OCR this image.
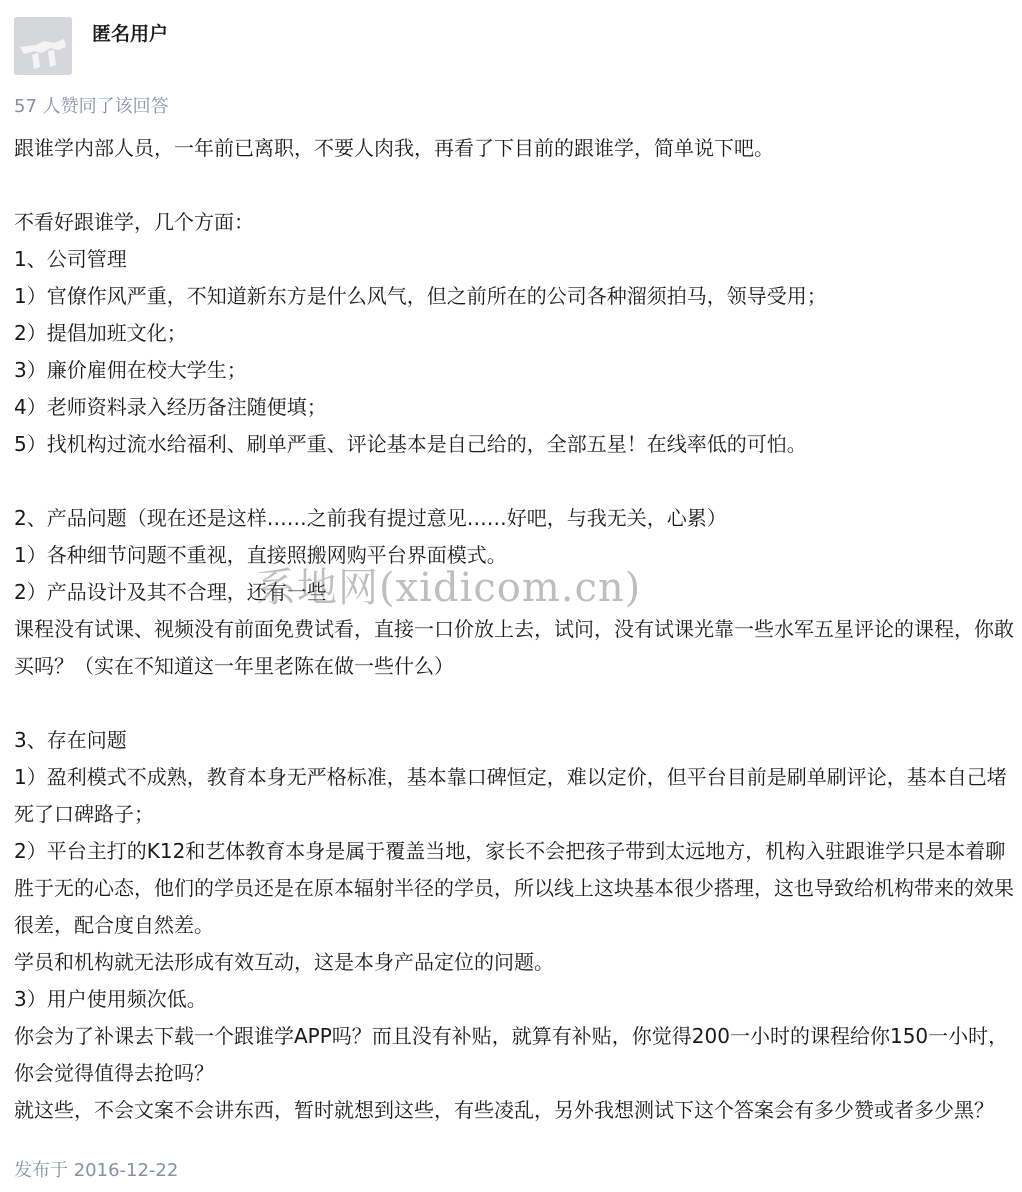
匿名用户
57 人赞同了该回答

跟谁学内部人员，一年前已离职，不要人肉我，再看了下目前的跟谁学，简单说下吧。

不看好跟谁学，几个方面：

1、公司管理

1）官僚作风严重，不知道新东方是什么风气，但之前所在的公司各种溜须拍马，领导受用；

2）提倡加班文化；

3）廉价雇佣在校大学生；

4）老师资料录入经历备注随便填；

5）找机构过流水给福利、刷单严重、评论基本是自己给的，全部五星！在线率低的可怕。

2、产品问题（现在还是这样……之前我有提过意见……好吧，与我无关，心累）

1）各种细节问题不重视，直接照搬网购平台界面模式。

2）产品设计及其不合理，还有一些

课程没有试课、视频没有前面免费试看，直接一口价放上去，试问，没有试课光靠一些水军五星评论的课程，你敢买吗？（实在不知道这一年里老陈在做一些什么）

3、存在问题

1）盈利模式不成熟，教育本身无严格标准，基本靠口碑恒定，难以定价，但平台目前是刷单刷评论，基本自己堵死了口碑路子；

2）平台主打的K12和艺体教育本身是属于覆盖当地，家长不会把孩子带到太远地方，机构入驻跟谁学只是本着聊胜于无的心态，他们的学员还是在原本辐射半径的学员，所以线上这块基本很少搭理，这也导致给机构带来的效果很差，配合度自然差。

学员和机构就无法形成有效互动，这是本身产品定位的问题。

3）用户使用频次低。

你会为了补课去下载一个跟谁学APP吗？而且没有补贴，就算有补贴，你觉得200一小时的课程给你150一小时，你会觉得值得去抢吗？

就这些，不会文案不会讲东西，暂时就想到这些，有些凌乱，另外我想测试下这个答案会有多少赞或者多少黑？

系地网(xidicom.cn)
发布于 2016-12-22
